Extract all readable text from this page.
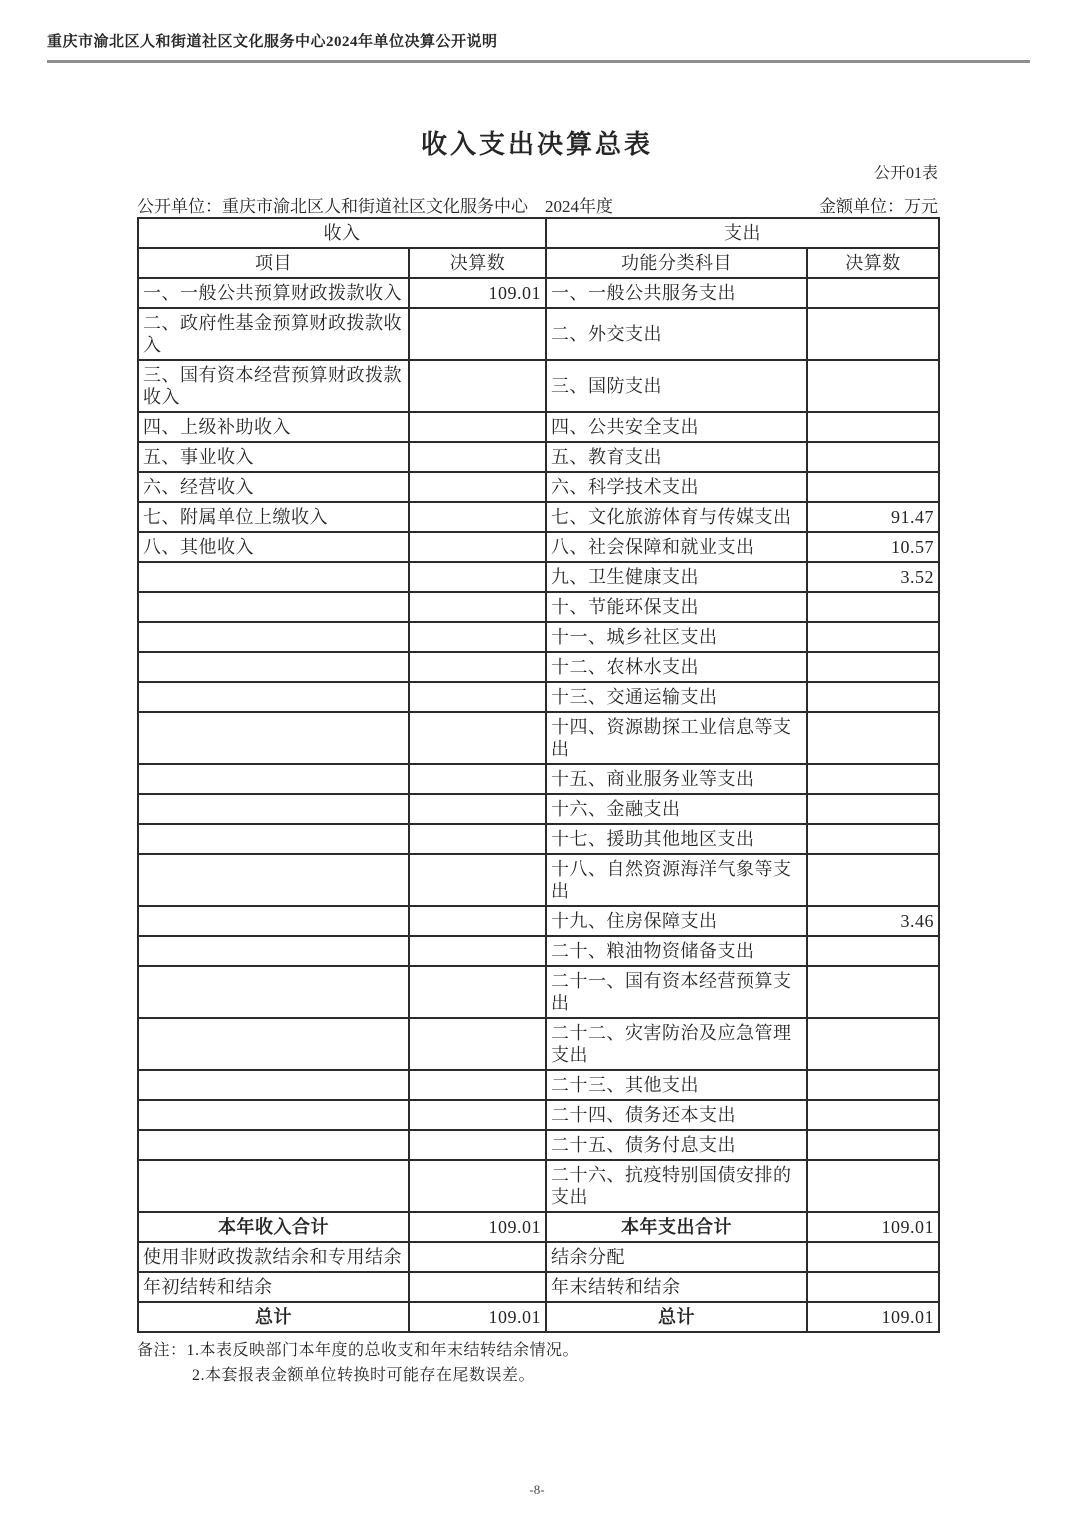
重庆市渝北区人和街道社区文化服务中心2024年单位决算公开说明
收入支出决算总表
公开01表
公开单位：重庆市渝北区人和街道社区文化服务中心　2024年度	金额单位：万元
收入		支出	
项目	决算数	功能分类科目	决算数
一、一般公共预算财政拨款收入	109.01	一、一般公共服务支出	
二、政府性基金预算财政拨款收入		二、外交支出	
三、国有资本经营预算财政拨款收入		三、国防支出	
四、上级补助收入		四、公共安全支出	
五、事业收入		五、教育支出	
六、经营收入		六、科学技术支出	
七、附属单位上缴收入		七、文化旅游体育与传媒支出	91.47
八、其他收入		八、社会保障和就业支出	10.57
		九、卫生健康支出	3.52
		十、节能环保支出	
		十一、城乡社区支出	
		十二、农林水支出	
		十三、交通运输支出	
		十四、资源勘探工业信息等支出	
		十五、商业服务业等支出	
		十六、金融支出	
		十七、援助其他地区支出	
		十八、自然资源海洋气象等支出	
		十九、住房保障支出	3.46
		二十、粮油物资储备支出	
		二十一、国有资本经营预算支出	
		二十二、灾害防治及应急管理支出	
		二十三、其他支出	
		二十四、债务还本支出	
		二十五、债务付息支出	
		二十六、抗疫特别国债安排的支出	
本年收入合计	109.01	本年支出合计	109.01
使用非财政拨款结余和专用结余		结余分配	
年初结转和结余		年末结转和结余	
总计	109.01	总计	109.01
备注：1.本表反映部门本年度的总收支和年末结转结余情况。
2.本套报表金额单位转换时可能存在尾数误差。
-8-
